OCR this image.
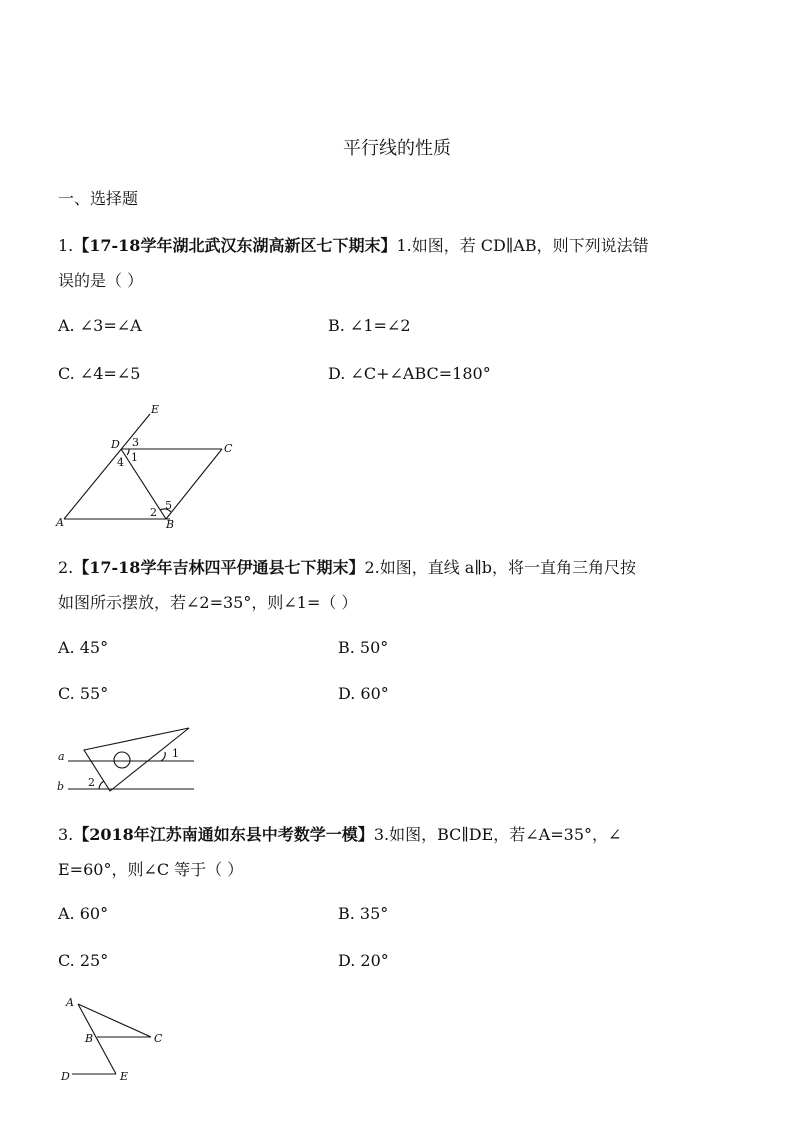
平行线的性质
一、选择题
1.【17-18学年湖北武汉东湖高新区七下期末】1.如图，若 CD∥AB，则下列说法错
误的是（ ）
A. ∠3=∠A	B. ∠1=∠2
C. ∠4=∠5	D. ∠C+∠ABC=180°
E
D	C
A	B
3
1
4
2
5
2.【17-18学年吉林四平伊通县七下期末】2.如图，直线 a∥b，将一直角三角尺按
如图所示摆放，若∠2=35°，则∠1=（ ）
A. 45°	B. 50°
C. 55°	D. 60°
a
b
1
2
3.【2018年江苏南通如东县中考数学一模】3.如图，BC∥DE，若∠A=35°，∠
E=60°，则∠C 等于（ ）
A. 60°	B. 35°
C. 25°	D. 20°
A
B	C
D	E
